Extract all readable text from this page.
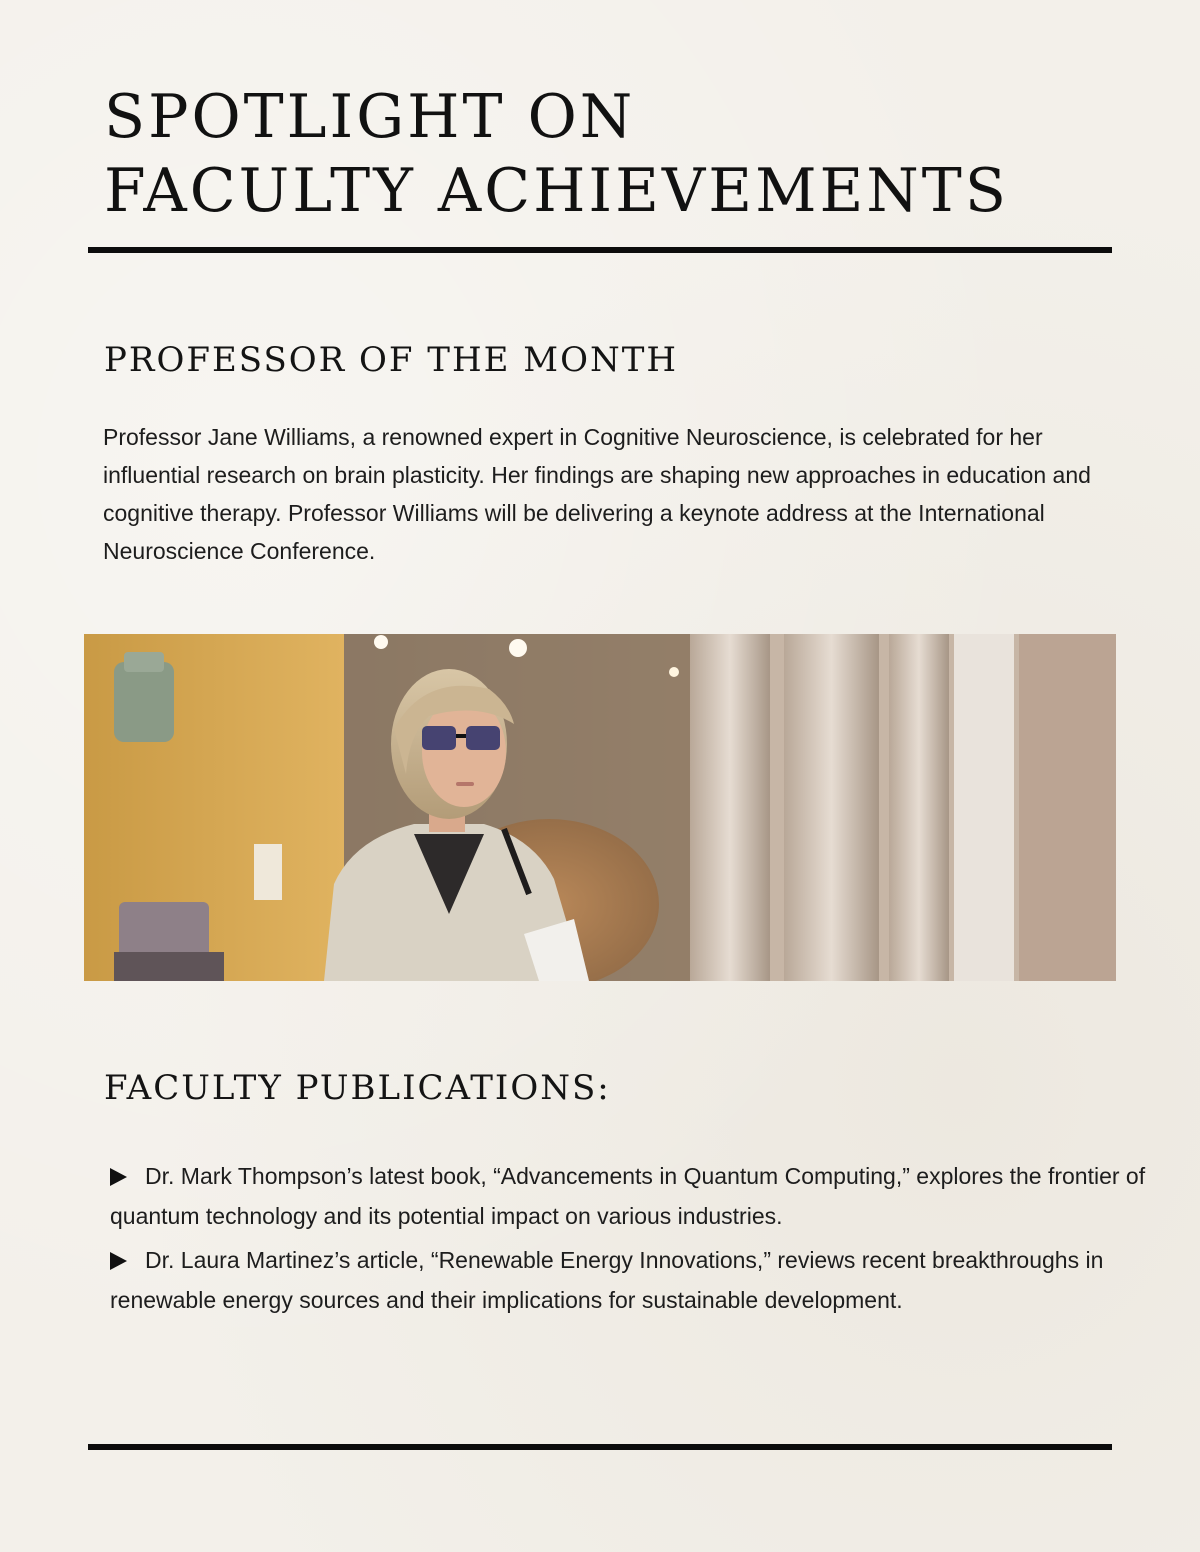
SPOTLIGHT ON
FACULTY ACHIEVEMENTS
PROFESSOR OF THE MONTH

Professor Jane Williams, a renowned expert in Cognitive Neuroscience, is celebrated for her influential research on brain plasticity. Her findings are shaping new approaches in education and cognitive therapy. Professor Williams will be delivering a keynote address at the International Neuroscience Conference.

FACULTY PUBLICATIONS:
Dr. Mark Thompson’s latest book, “Advancements in Quantum Computing,” explores the frontier of quantum technology and its potential impact on various industries.
Dr. Laura Martinez’s article, “Renewable Energy Innovations,” reviews recent breakthroughs in renewable energy sources and their implications for sustainable development.
